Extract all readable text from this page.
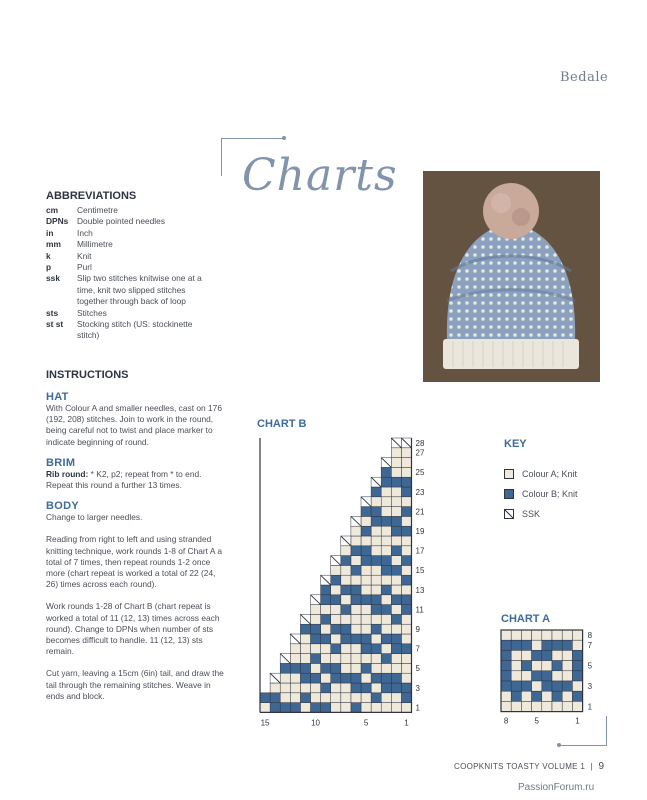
Bedale
Charts
ABBREVIATIONS
cm	Centimetre
DPNs	Double pointed needles
in	Inch
mm	Millimetre
k	Knit
p	Purl
ssk	Slip two stitches knitwise one at a time, knit two slipped stitches together through back of loop
sts	Stitches
st st	Stocking stitch (US: stockinette stitch)
INSTRUCTIONS
HAT
With Colour A and smaller needles, cast on 176 (192, 208) stitches. Join to work in the round, being careful not to twist and place marker to indicate beginning of round.
BRIM
Rib round: * K2, p2; repeat from * to end. Repeat this round a further 13 times.
BODY
Change to larger needles.
Reading from right to left and using stranded knitting technique, work rounds 1-8 of Chart A a total of 7 times, then repeat rounds 1-2 once more (chart repeat is worked a total of 22 (24, 26) times across each round).
Work rounds 1-28 of Chart B (chart repeat is worked a total of 11 (12, 13) times across each round). Change to DPNs when number of sts becomes difficult to handle. 11 (12, 13) sts remain.
Cut yarn, leaving a 15cm (6in) tail, and draw the tail through the remaining stitches. Weave in ends and block.
CHART B
1
3
5
7
9
11
13
15
17
19
21
23
25
27
28
15	10	5	1
KEY
Colour A; Knit
Colour B; Knit
SSK
CHART A
1
3
5
7
8
8	5	1
COOPKNITS TOASTY VOLUME 1 | 9
PassionForum.ru
